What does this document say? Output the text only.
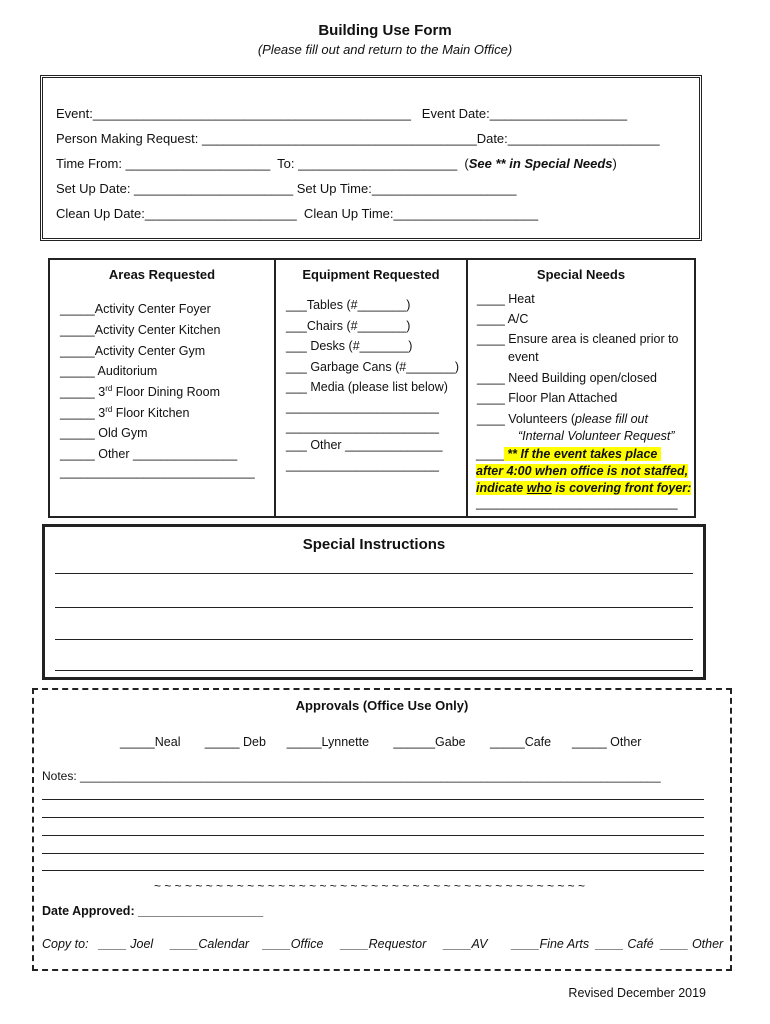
Building Use Form
(Please fill out and return to the Main Office)
Event:____________________________________________   Event Date:___________________
Person Making Request: ______________________________________Date:_____________________
Time From: ____________________  To: ______________________  (See ** in Special Needs)
Set Up Date: ______________________ Set Up Time:____________________
Clean Up Date:_____________________  Clean Up Time:____________________
Areas Requested
_____Activity Center Foyer
_____Activity Center Kitchen
_____Activity Center Gym
_____ Auditorium
_____ 3rd Floor Dining Room
_____ 3rd Floor Kitchen
_____ Old Gym
_____ Other _______________
____________________________
Equipment Requested
___Tables (#_______)
___Chairs (#_______)
___ Desks (#_______)
___ Garbage Cans (#_______)
___ Media (please list below)
______________________
______________________
___ Other ______________
______________________
Special Needs
____ Heat
____ A/C
____ Ensure area is cleaned prior to
event
____ Need Building open/closed
____ Floor Plan Attached
____ Volunteers (please fill out
“Internal Volunteer Request”
____ ** If the event takes place
after 4:00 when office is not staffed,
indicate who is covering front foyer:
_____________________________
Special Instructions
Approvals (Office Use Only)
_____Neal       _____ Deb      _____Lynnette       ______Gabe       _____Cafe      _____ Other
Notes: _______________________________________________________________________________________
~ ~ ~ ~ ~ ~ ~ ~ ~ ~ ~ ~ ~ ~ ~ ~ ~ ~ ~ ~ ~ ~ ~ ~ ~ ~ ~ ~ ~ ~ ~ ~ ~ ~ ~ ~ ~ ~ ~ ~ ~ ~
Date Approved: __________________
Copy to:   ____ Joel     ____Calendar    ____Office     ____Requestor     ____AV       ____Fine Arts  ____ Café  ____ Other
Revised December 2019
